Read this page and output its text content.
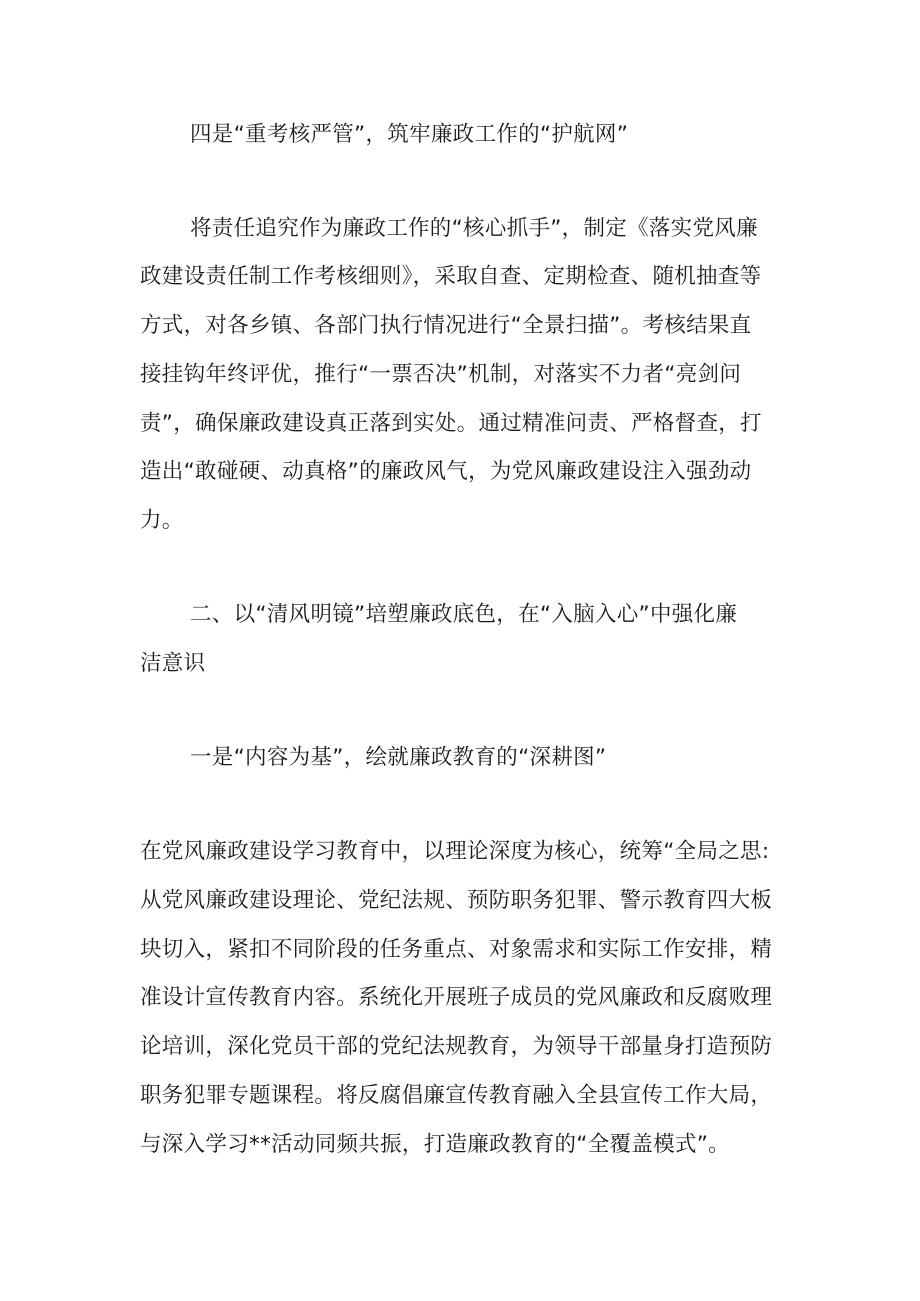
四是“重考核严管”，筑牢廉政工作的“护航网”
将责任追究作为廉政工作的“核心抓手”，制定《落实党风廉
政建设责任制工作考核细则》，采取自查、定期检查、随机抽查等
方式，对各乡镇、各部门执行情况进行“全景扫描”。考核结果直
接挂钩年终评优，推行“一票否决”机制，对落实不力者“亮剑问
责”，确保廉政建设真正落到实处。通过精准问责、严格督查，打
造出“敢碰硬、动真格”的廉政风气，为党风廉政建设注入强劲动
力。
二、以“清风明镜”培塑廉政底色，在“入脑入心”中强化廉
洁意识
一是“内容为基”，绘就廉政教育的“深耕图”
在党风廉政建设学习教育中，以理论深度为核心，统筹“全局之思:
从党风廉政建设理论、党纪法规、预防职务犯罪、警示教育四大板
块切入，紧扣不同阶段的任务重点、对象需求和实际工作安排，精
准设计宣传教育内容。系统化开展班子成员的党风廉政和反腐败理
论培训，深化党员干部的党纪法规教育，为领导干部量身打造预防
职务犯罪专题课程。将反腐倡廉宣传教育融入全县宣传工作大局，
与深入学习**活动同频共振，打造廉政教育的“全覆盖模式”。
